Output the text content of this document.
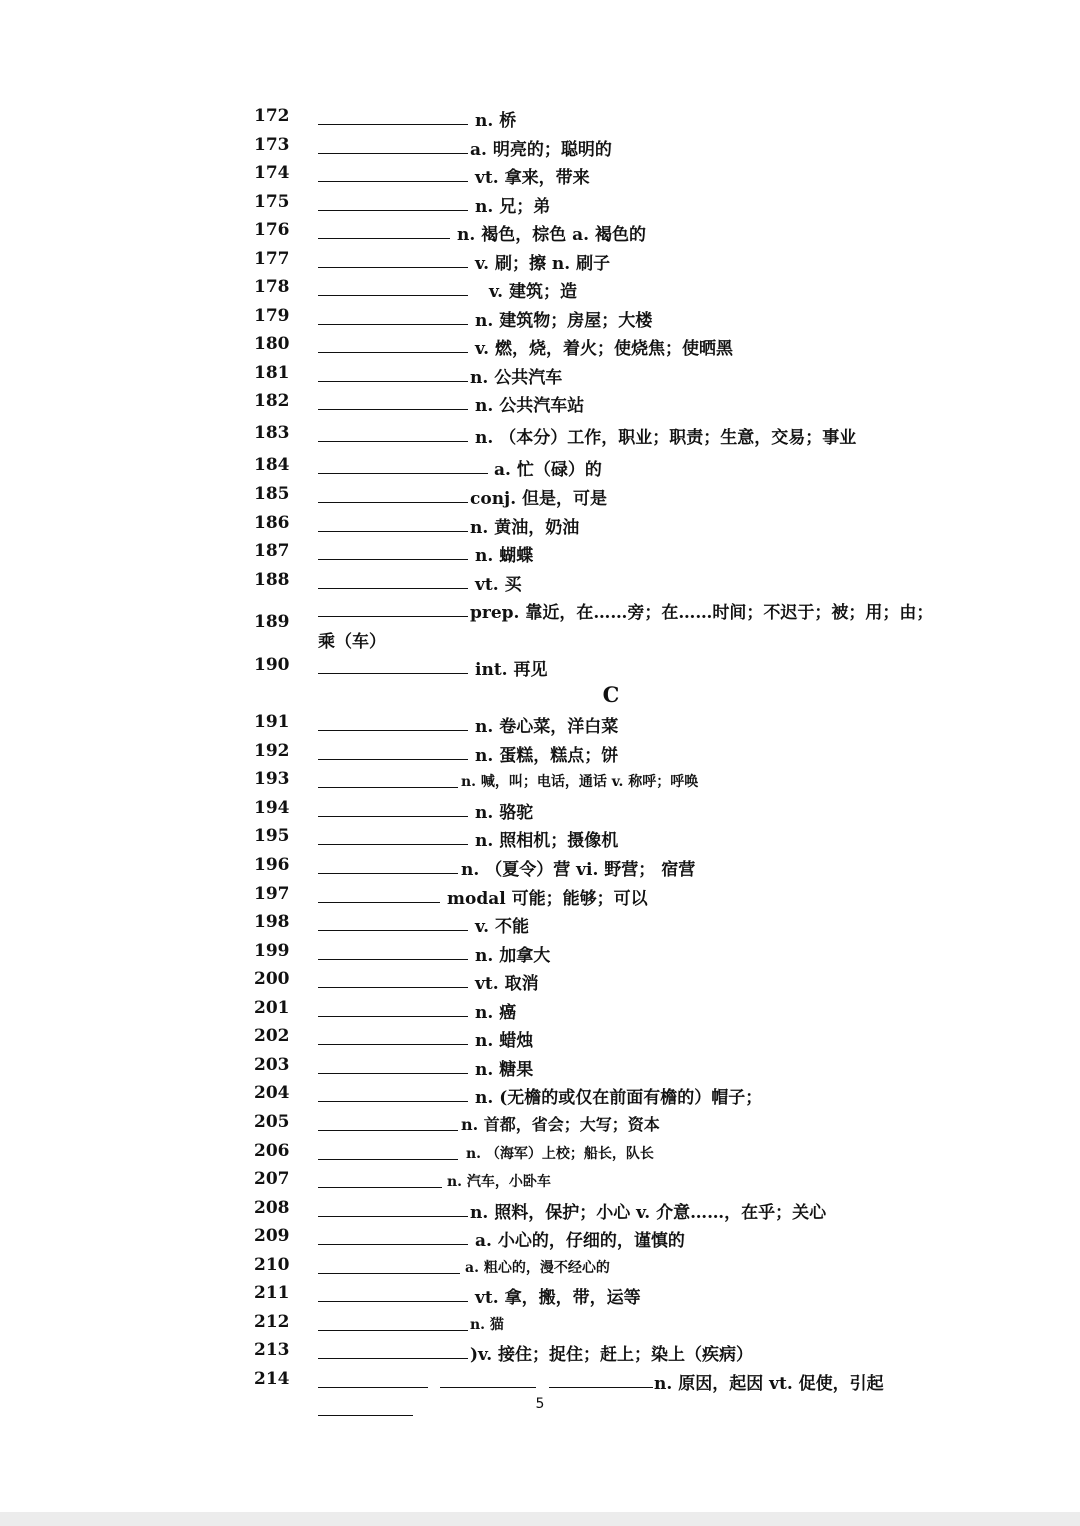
172	n. 桥
173	a. 明亮的；聪明的
174	vt. 拿来，带来
175	n. 兄；弟
176	n. 褐色，棕色 a. 褐色的
177	v. 刷；擦 n. 刷子
178	v. 建筑；造
179	n. 建筑物；房屋；大楼
180	v. 燃，烧，着火；使烧焦；使晒黑
181	n. 公共汽车
182	n. 公共汽车站
183	n. （本分）工作，职业；职责；生意，交易；事业
184	a. 忙（碌）的
185	conj. 但是，可是
186	n. 黄油，奶油
187	n. 蝴蝶
188	vt. 买
189	prep. 靠近，在……旁；在……时间；不迟于；被；用；由；
乘（车）
190	int. 再见
C
191	n. 卷心菜，洋白菜
192	n. 蛋糕，糕点；饼
193	n. 喊，叫；电话，通话 v. 称呼；呼唤
194	n. 骆驼
195	n. 照相机；摄像机
196	n. （夏令）营 vi. 野营； 宿营
197	modal 可能；能够；可以
198	v. 不能
199	n. 加拿大
200	vt. 取消
201	n. 癌
202	n. 蜡烛
203	n. 糖果
204	n. (无檐的或仅在前面有檐的）帽子；
205	n. 首都，省会；大写；资本
206	n. （海军）上校；船长，队长
207	n. 汽车，小卧车
208	n. 照料，保护；小心 v. 介意……，在乎；关心
209	a. 小心的，仔细的，谨慎的
210	a. 粗心的，漫不经心的
211	vt. 拿，搬，带，运等
212	n. 猫
213	)v. 接住；捉住；赶上；染上（疾病）
214	n. 原因，起因 vt. 促使，引起
5
